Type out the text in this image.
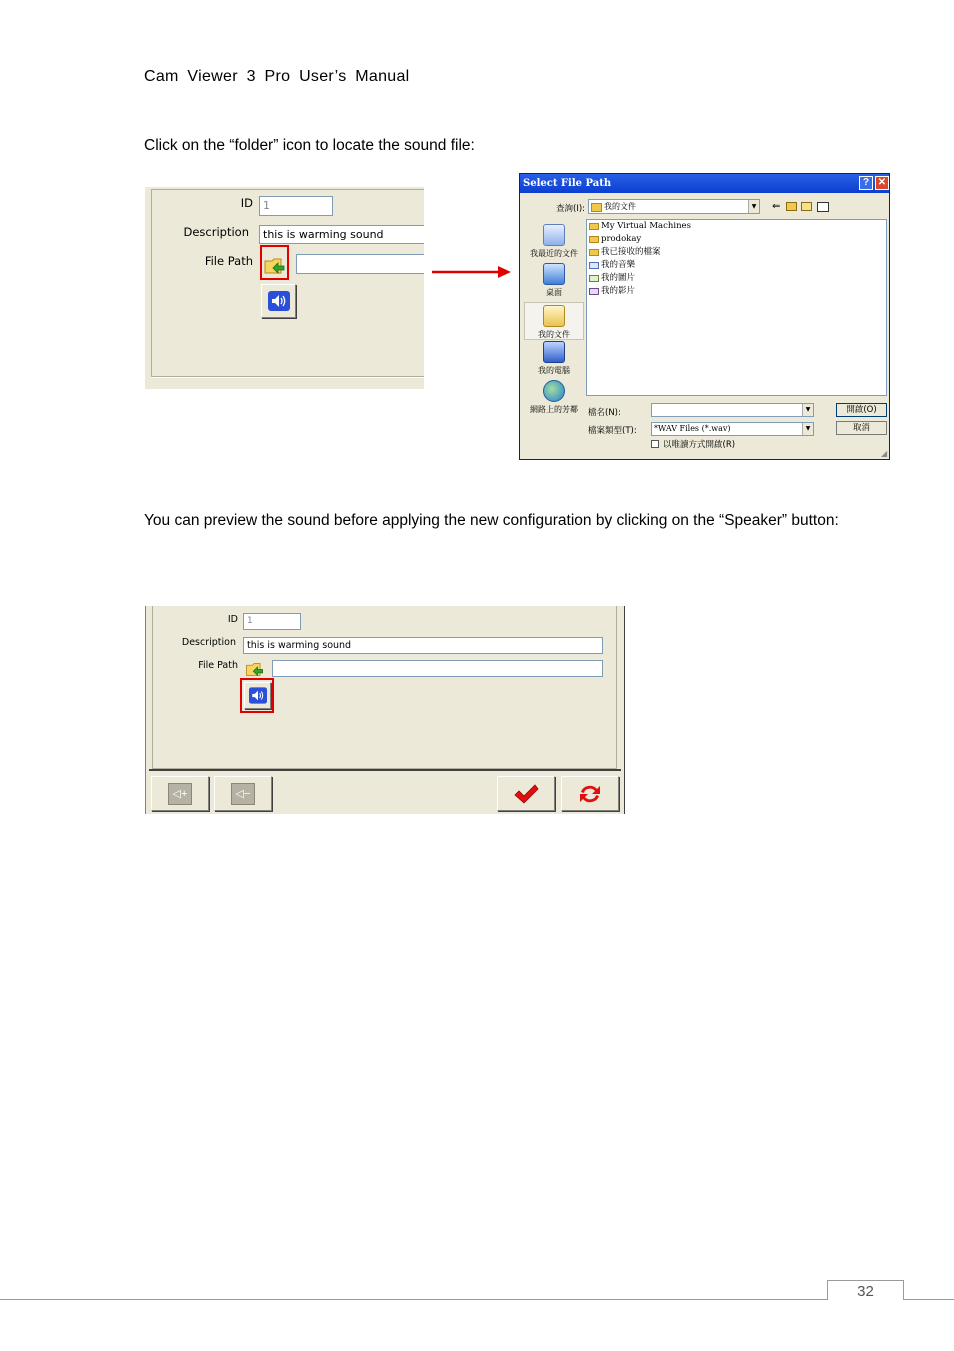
Cam Viewer 3 Pro User’s Manual
Click on the “folder” icon to locate the sound file:
ID 1
Description	this is warming sound
File Path
Select File Path	? ✕
查詢(I):	我的文件	▼ ⇐
我最近的文件
桌面
我的文件
我的電腦
網路上的芳鄰
My Virtual Machines
prodokay
我已接收的檔案
我的音樂
我的圖片
我的影片
檔名(N):	▼	開啟(O)
檔案類型(T):	*WAV Files (*.wav)	▼	取消
以唯讀方式開啟(R)
◢
You can preview the sound before applying the new configuration by clicking on the “Speaker” button:
ID	1
Description	this is warming sound
File Path
◁+	◁−
32
